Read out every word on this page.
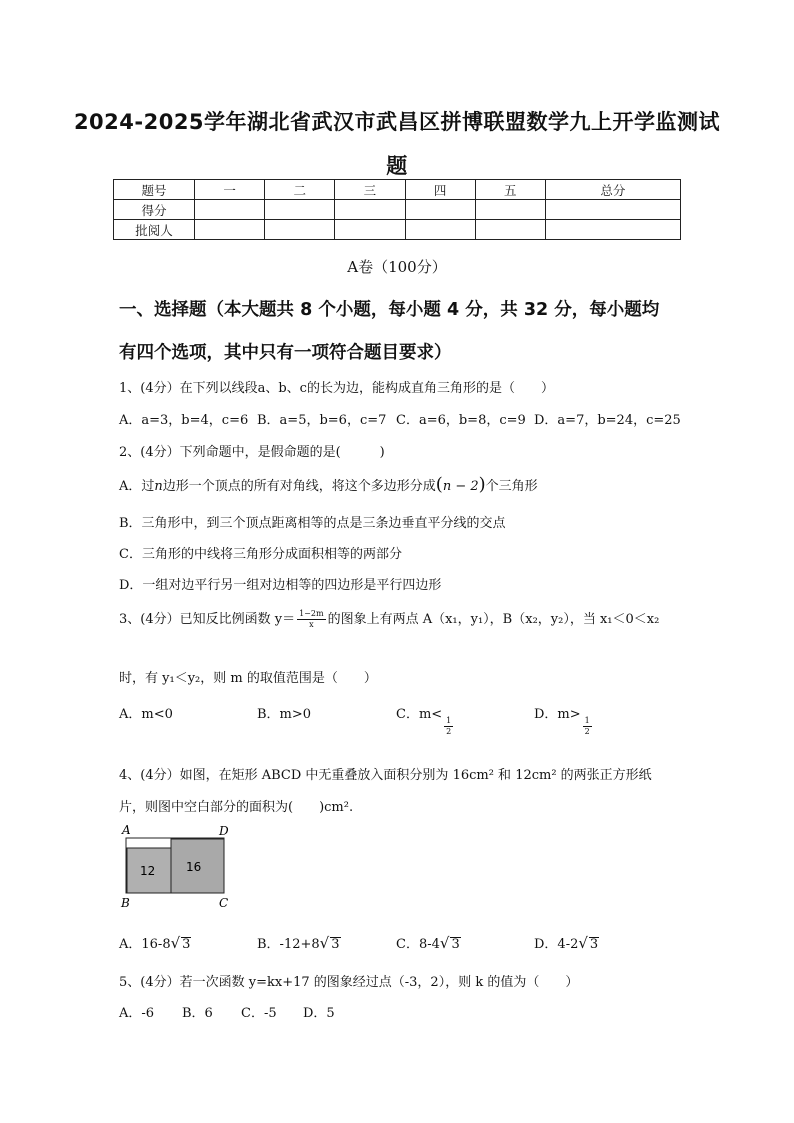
2024-2025学年湖北省武汉市武昌区拼博联盟数学九上开学监测试
题
题号	一	二	三	四	五	总分
得分						
批阅人						
A卷（100分）
一、选择题（本大题共 8 个小题，每小题 4 分，共 32 分，每小题均
有四个选项，其中只有一项符合题目要求）
1、(4分）在下列以线段a、b、c的长为边，能构成直角三角形的是（　　）
A．a=3，b=4，c=6 B．a=5，b=6，c=7 C．a=6，b=8，c=9 D．a=7，b=24，c=25
2、(4分）下列命题中，是假命题的是(　　　)
A．过n边形一个顶点的所有对角线，将这个多边形分成(n − 2)个三角形
B．三角形中，到三个顶点距离相等的点是三条边垂直平分线的交点
C．三角形的中线将三角形分成面积相等的两部分
D．一组对边平行另一组对边相等的四边形是平行四边形
3、(4分）已知反比例函数 $y= \frac{1-2m}{x}$ 的图象上有两点 A（x₁，y₁），B（x₂，y₂），当 x₁＜0＜x₂
时，有 y₁＜y₂，则 m 的取值范围是（　　）
A．m<0	B．m>0	C．m<
$\frac{1}{2}$
D．m>
$\frac{1}{2}$
4、(4分）如图，在矩形 ABCD 中无重叠放入面积分别为 16cm² 和 12cm² 的两张正方形纸
片，则图中空白部分的面积为(　　)cm².
A	D
B	C
12	16
A．16-8√ 3	B．-12+8√ 3	C．8-4√ 3	D．4-2√ 3
5、(4分）若一次函数 y=kx+17 的图象经过点（-3，2），则 k 的值为（　　）
A．-6 B．6 C．-5 D．5
